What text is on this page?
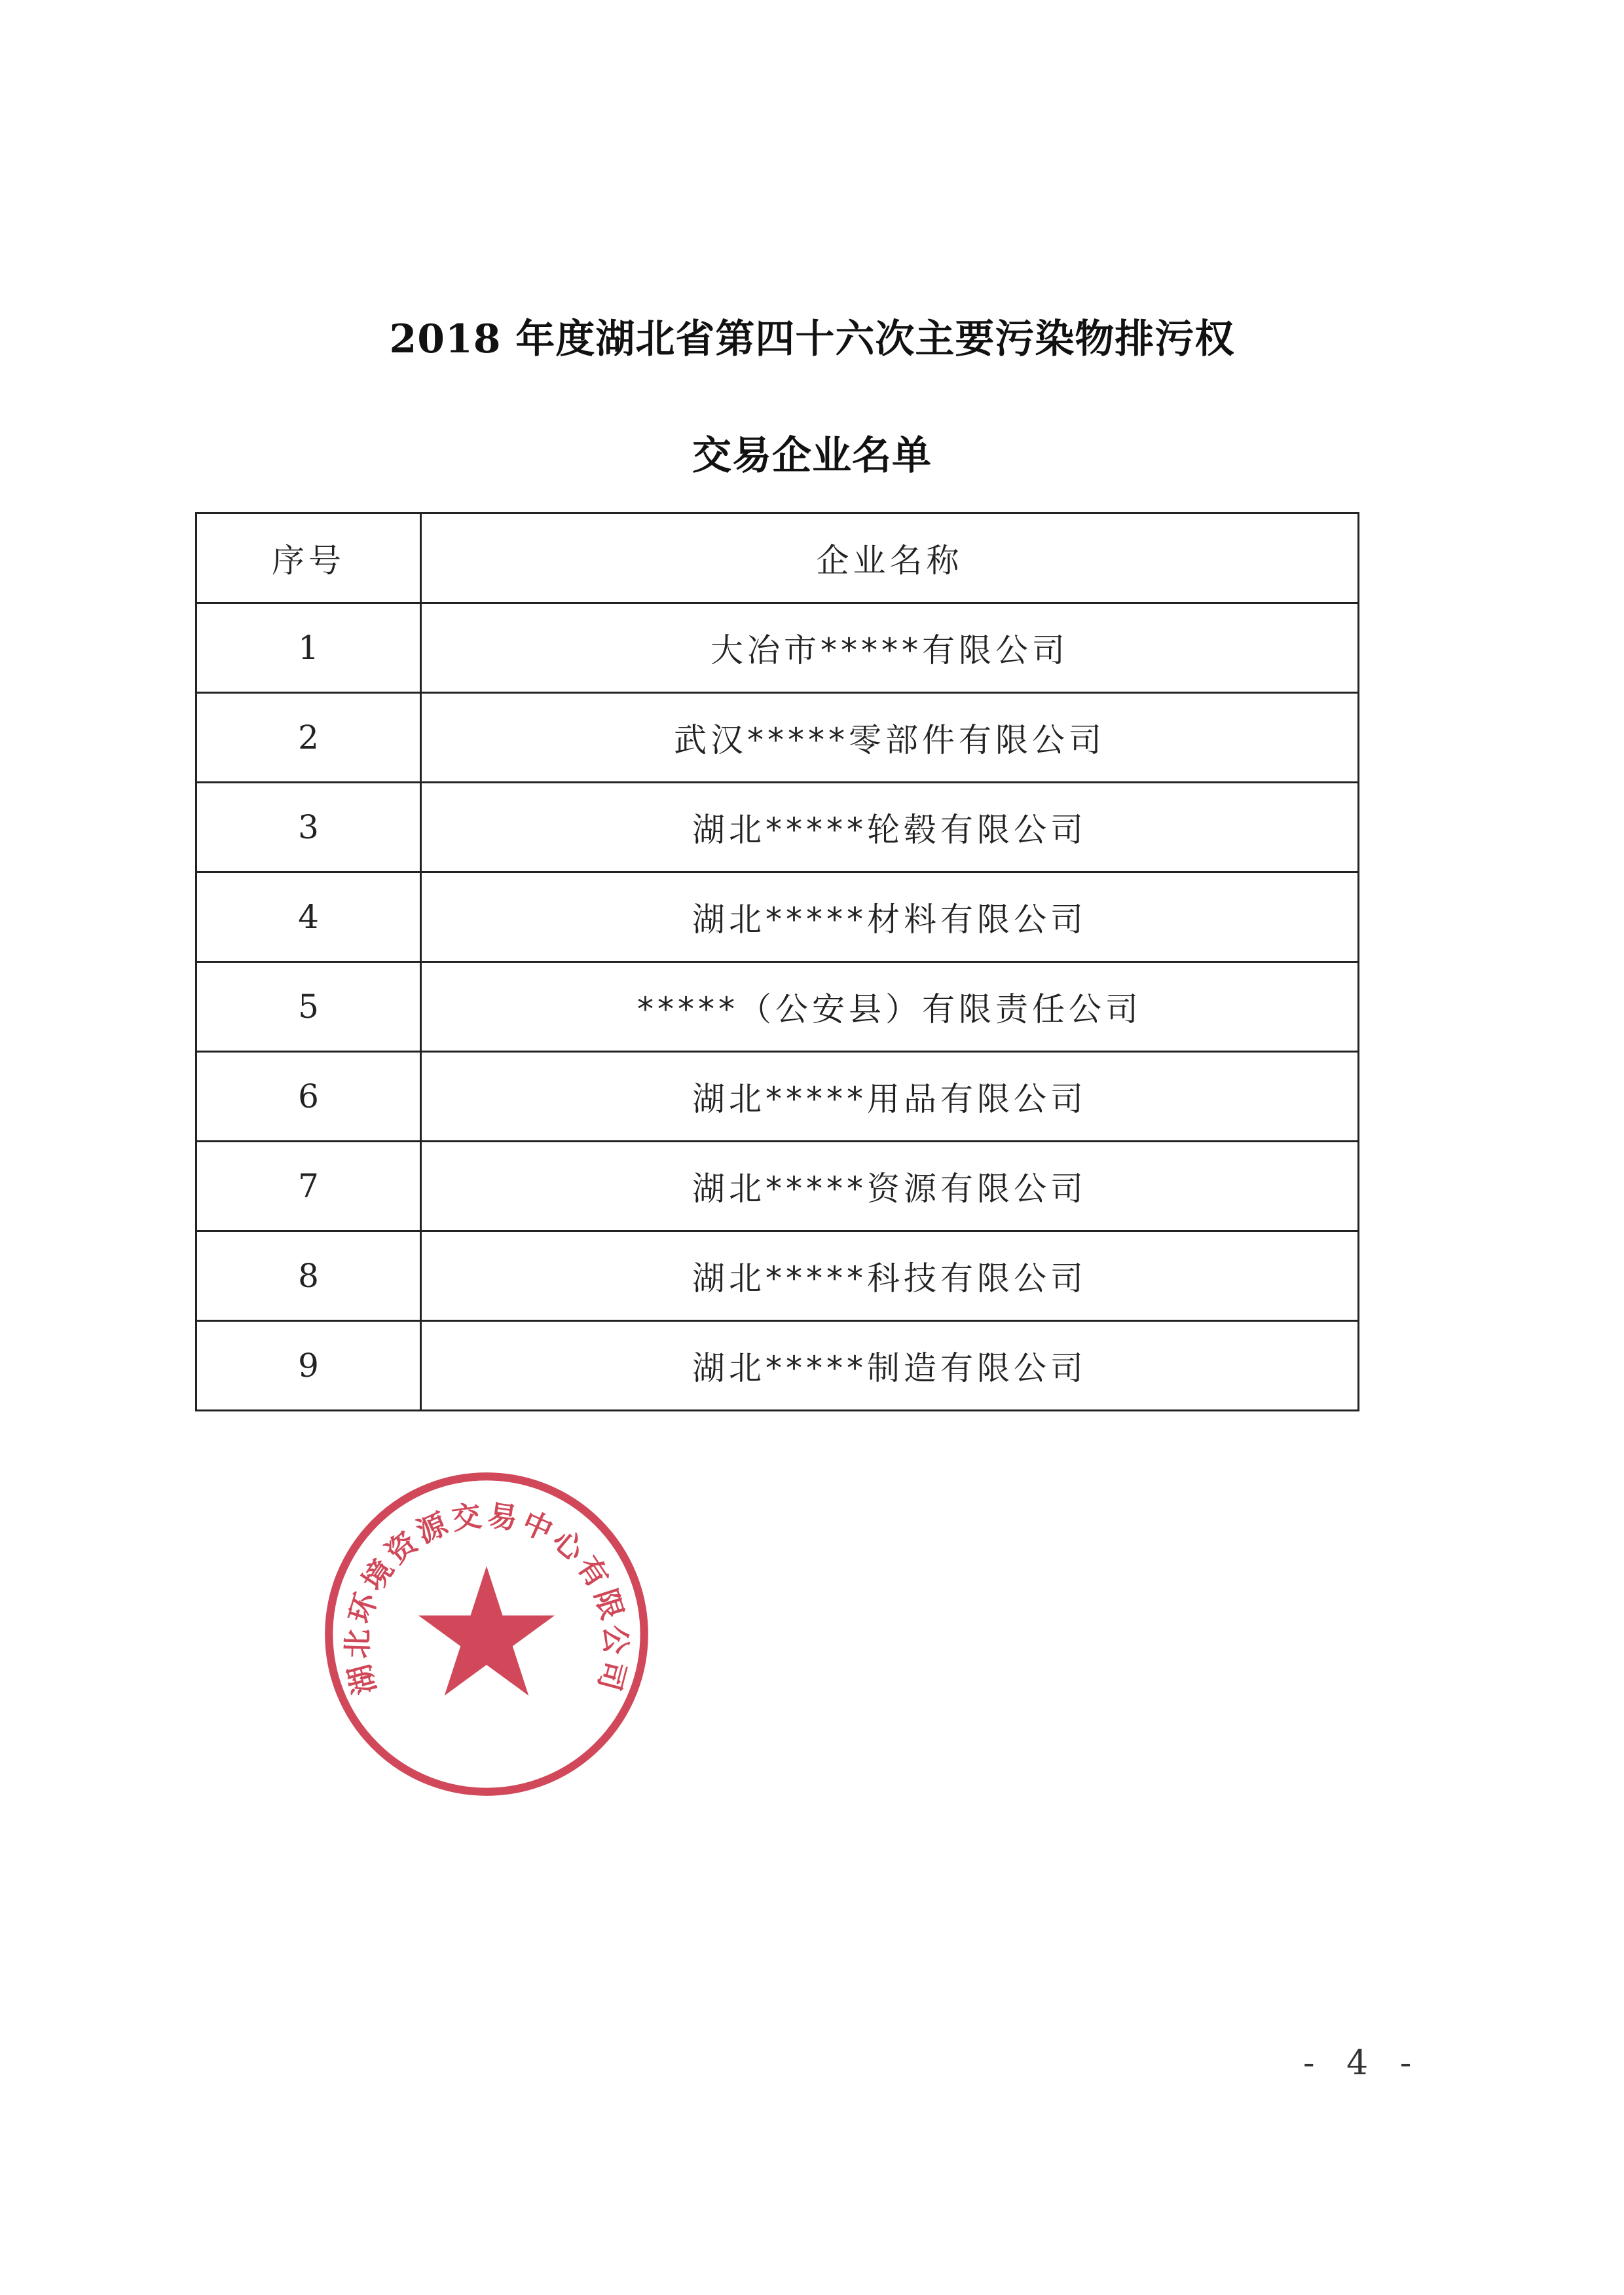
2018 年度湖北省第四十六次主要污染物排污权
交易企业名单
序号	企业名称
1	大冶市*****有限公司
2	武汉*****零部件有限公司
3	湖北*****轮毂有限公司
4	湖北*****材料有限公司
5	*****（公安县）有限责任公司
6	湖北*****用品有限公司
7	湖北*****资源有限公司
8	湖北*****科技有限公司
9	湖北*****制造有限公司
湖北环境资源交易中心有限公司
- 4 -
